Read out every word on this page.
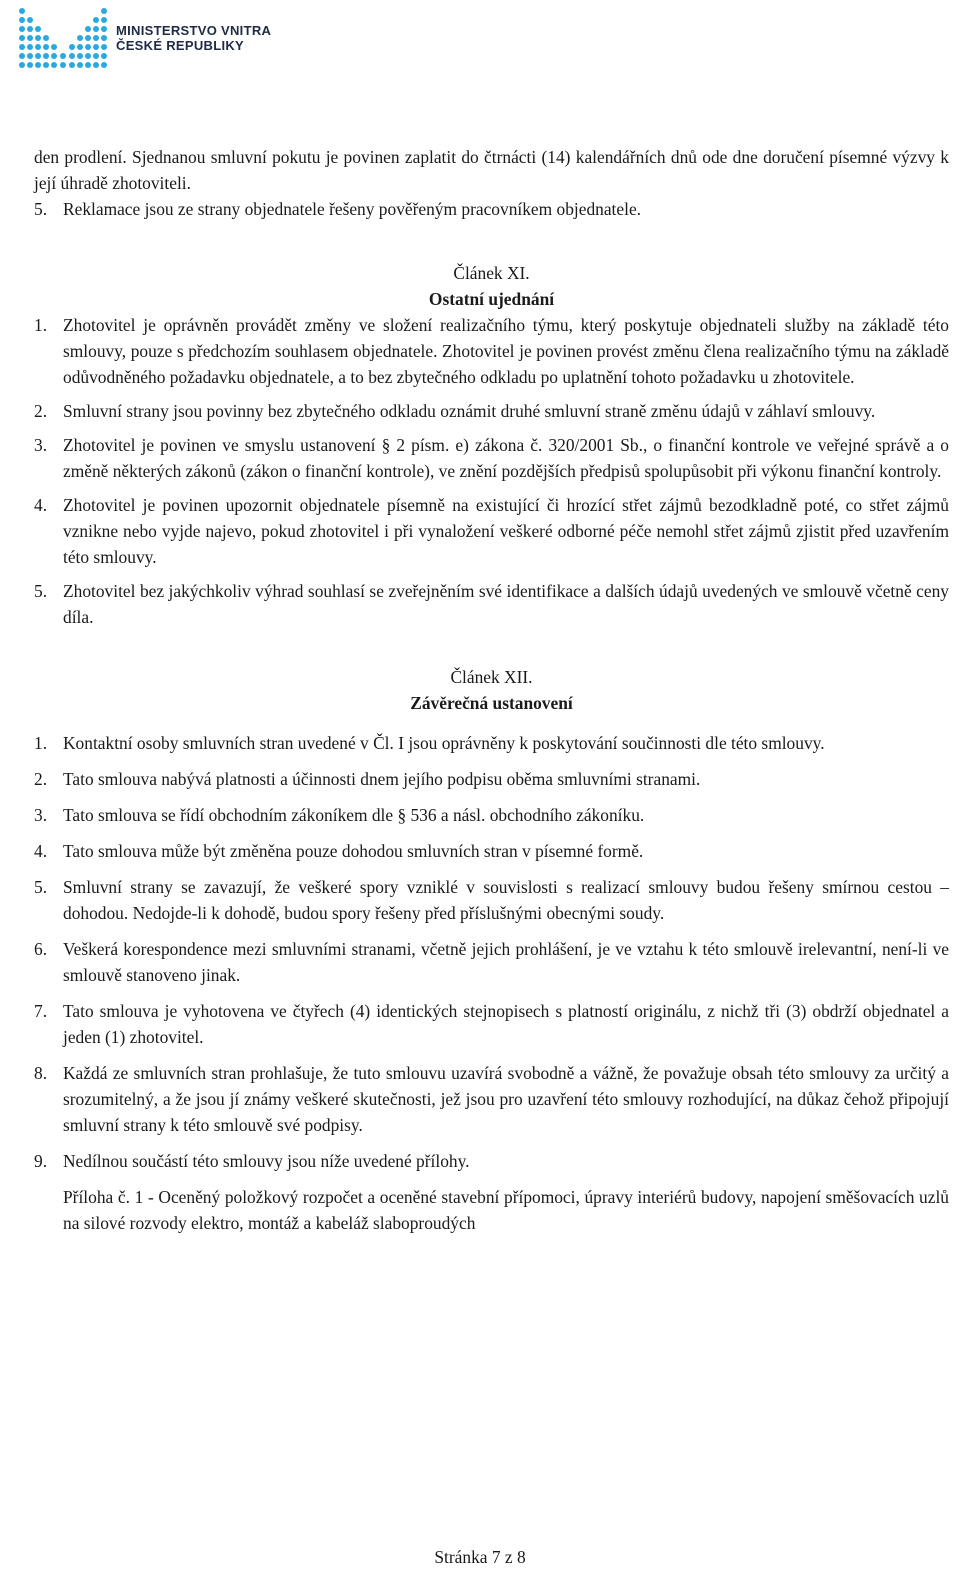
MINISTERSTVO VNITRA
ČESKÉ REPUBLIKY
den prodlení. Sjednanou smluvní pokutu je povinen zaplatit do čtrnácti (14) kalendářních dnů ode dne doručení písemné výzvy k její úhradě zhotoviteli.
5. Reklamace jsou ze strany objednatele řešeny pověřeným pracovníkem objednatele.
Článek XI.
Ostatní ujednání
1. Zhotovitel je oprávněn provádět změny ve složení realizačního týmu, který poskytuje objednateli služby na základě této smlouvy, pouze s předchozím souhlasem objednatele. Zhotovitel je povinen provést změnu člena realizačního týmu na základě odůvodněného požadavku objednatele, a to bez zbytečného odkladu po uplatnění tohoto požadavku u zhotovitele.
2. Smluvní strany jsou povinny bez zbytečného odkladu oznámit druhé smluvní straně změnu údajů v záhlaví smlouvy.
3. Zhotovitel je povinen ve smyslu ustanovení § 2 písm. e) zákona č. 320/2001 Sb., o finanční kontrole ve veřejné správě a o změně některých zákonů (zákon o finanční kontrole), ve znění pozdějších předpisů spolupůsobit při výkonu finanční kontroly.
4. Zhotovitel je povinen upozornit objednatele písemně na existující či hrozící střet zájmů bezodkladně poté, co střet zájmů vznikne nebo vyjde najevo, pokud zhotovitel i při vynaložení veškeré odborné péče nemohl střet zájmů zjistit před uzavřením této smlouvy.
5. Zhotovitel bez jakýchkoliv výhrad souhlasí se zveřejněním své identifikace a dalších údajů uvedených ve smlouvě včetně ceny díla.
Článek XII.
Závěrečná ustanovení
1. Kontaktní osoby smluvních stran uvedené v Čl. I jsou oprávněny k poskytování součinnosti dle této smlouvy.
2. Tato smlouva nabývá platnosti a účinnosti dnem jejího podpisu oběma smluvními stranami.
3. Tato smlouva se řídí obchodním zákoníkem dle § 536 a násl. obchodního zákoníku.
4. Tato smlouva může být změněna pouze dohodou smluvních stran v písemné formě.
5. Smluvní strany se zavazují, že veškeré spory vzniklé v souvislosti s realizací smlouvy budou řešeny smírnou cestou – dohodou. Nedojde-li k dohodě, budou spory řešeny před příslušnými obecnými soudy.
6. Veškerá korespondence mezi smluvními stranami, včetně jejich prohlášení, je ve vztahu k této smlouvě irelevantní, není-li ve smlouvě stanoveno jinak.
7. Tato smlouva je vyhotovena ve čtyřech (4) identických stejnopisech s platností originálu, z nichž tři (3) obdrží objednatel a jeden (1) zhotovitel.
8. Každá ze smluvních stran prohlašuje, že tuto smlouvu uzavírá svobodně a vážně, že považuje obsah této smlouvy za určitý a srozumitelný, a že jsou jí známy veškeré skutečnosti, jež jsou pro uzavření této smlouvy rozhodující, na důkaz čehož připojují smluvní strany k této smlouvě své podpisy.
9. Nedílnou součástí této smlouvy jsou níže uvedené přílohy.
Příloha č. 1 - Oceněný položkový rozpočet a oceněné stavební přípomoci, úpravy interiérů budovy, napojení směšovacích uzlů na silové rozvody elektro, montáž a kabeláž slaboproudých
Stránka 7 z 8
